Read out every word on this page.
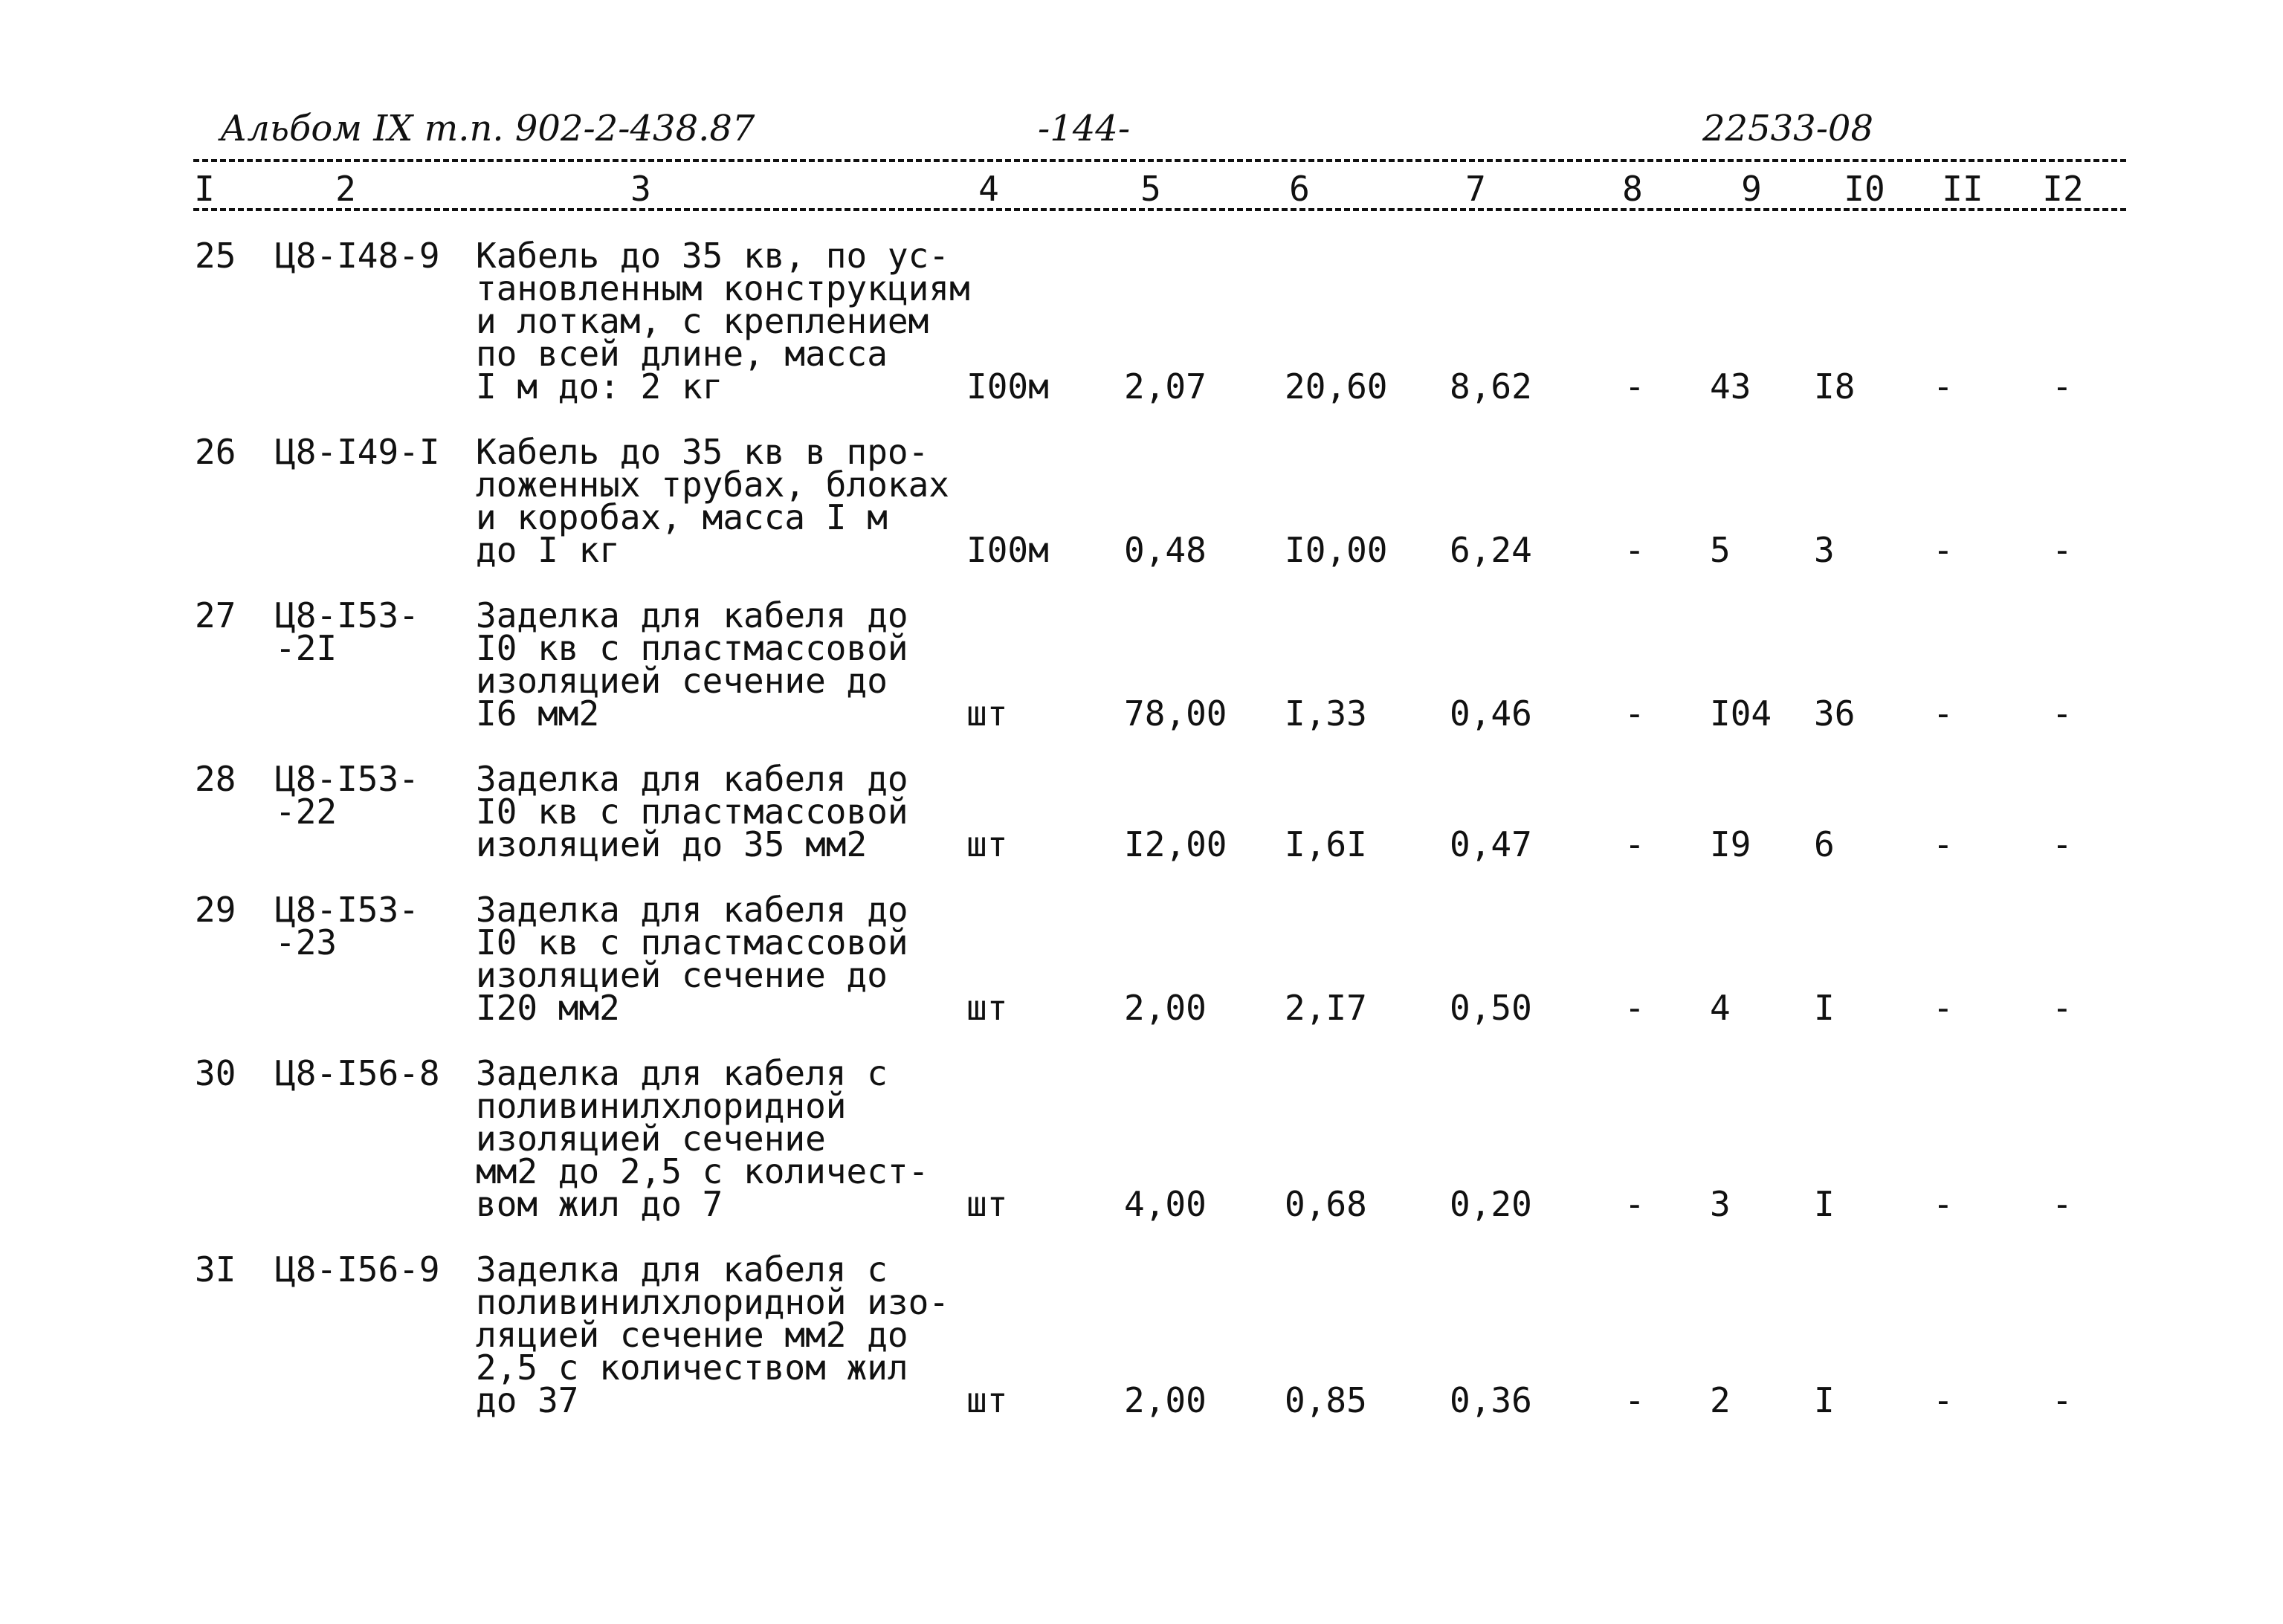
Альбом IX т.п. 902-2-438.87	-144-	22533-08
I	2	3	4	5	6	7	8	9 I0 II I2
25 Ц8-I48-9 Кабель до 35 кв, по ус-
тановленным конструкциям
и лоткам, с креплением
по всей длине, масса
I м до: 2 кг	I00м 2,07 20,60 8,62	- 43 I8 -	-
26 Ц8-I49-I Кабель до 35 кв в про-
ложенных трубах, блоках
и коробах, масса I м
до I кг	I00м 0,48 I0,00 6,24	- 5 3	-	-
27 Ц8-I53-
-2I
Заделка для кабеля до
I0 кв с пластмассовой
изоляцией сечение до
I6 мм2	шт	78,00 I,33 0,46	- I04 36 -	-
28 Ц8-I53-
-22
Заделка для кабеля до
I0 кв с пластмассовой
изоляцией до 35 мм2	шт	I2,00 I,6I 0,47	- I9 6	-	-
29 Ц8-I53-
-23
Заделка для кабеля до
I0 кв с пластмассовой
изоляцией сечение до
I20 мм2	шт	2,00 2,I7 0,50	- 4 I	-	-
30 Ц8-I56-8 Заделка для кабеля с
поливинилхлоридной
изоляцией сечение
мм2 до 2,5 с количест-
вом жил до 7	шт	4,00 0,68 0,20	- 3 I	-	-
3I Ц8-I56-9 Заделка для кабеля с
поливинилхлоридной изо-
ляцией сечение мм2 до
2,5 с количеством жил
до 37	шт	2,00 0,85 0,36	- 2 I	-	-
